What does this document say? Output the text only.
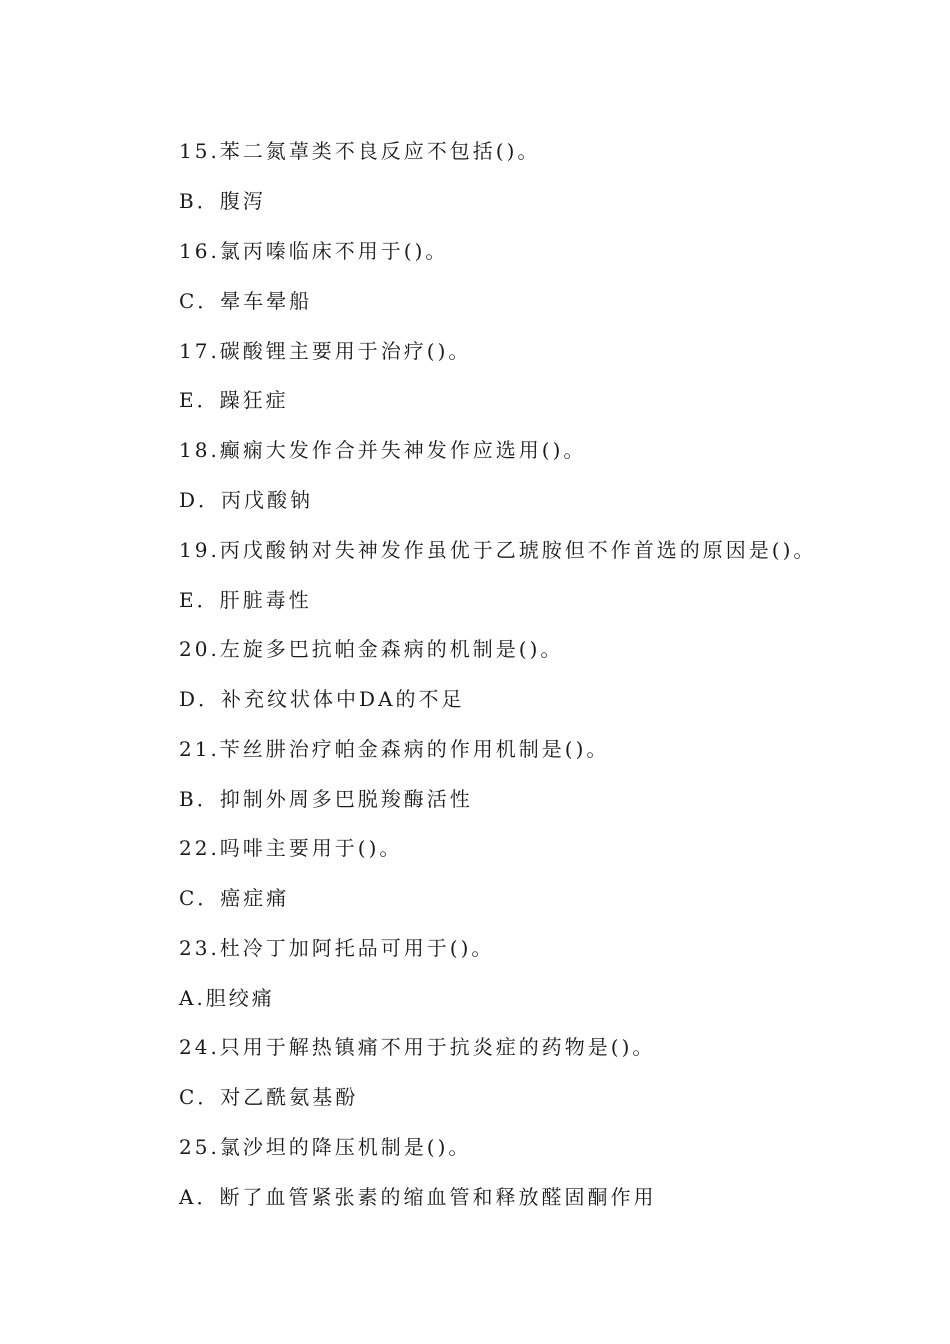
15.苯二氮䓬类不良反应不包括()。
B．腹泻
16.氯丙嗪临床不用于()。
C．晕车晕船
17.碳酸锂主要用于治疗()。
E．躁狂症
18.癫痫大发作合并失神发作应选用()。
D．丙戊酸钠
19.丙戊酸钠对失神发作虽优于乙琥胺但不作首选的原因是()。
E．肝脏毒性
20.左旋多巴抗帕金森病的机制是()。
D．补充纹状体中DA的不足
21.苄丝肼治疗帕金森病的作用机制是()。
B．抑制外周多巴脱羧酶活性
22.吗啡主要用于()。
C．癌症痛
23.杜冷丁加阿托品可用于()。
A.胆绞痛
24.只用于解热镇痛不用于抗炎症的药物是()。
C．对乙酰氨基酚
25.氯沙坦的降压机制是()。
A．断了血管紧张素的缩血管和释放醛固酮作用
